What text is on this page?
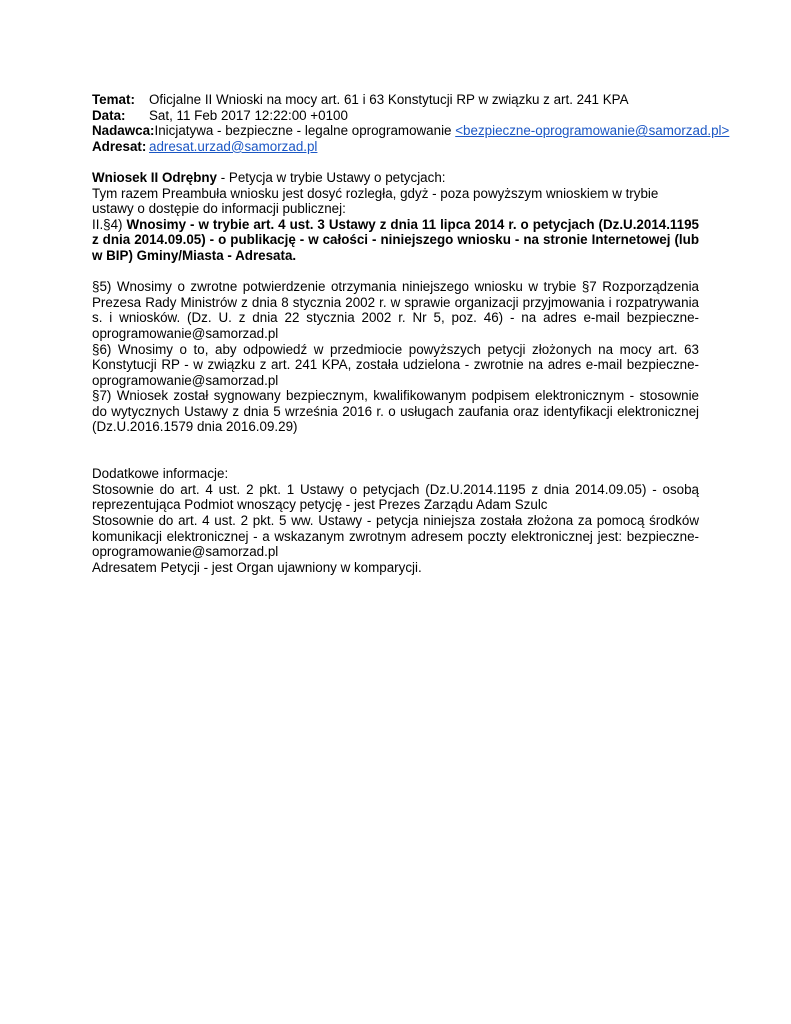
Temat:	Oficjalne II Wnioski na mocy art. 61 i 63 Konstytucji RP w związku z art. 241 KPA
Data:	Sat, 11 Feb 2017 12:22:00 +0100
Nadawca: Inicjatywa - bezpieczne - legalne oprogramowanie <bezpieczne-oprogramowanie@samorzad.pl>
Adresat: adresat.urzad@samorzad.pl

Wniosek II Odrębny - Petycja w trybie Ustawy o petycjach:

Tym razem Preambuła wniosku jest dosyć rozległa, gdyż - poza powyższym wnioskiem w trybie ustawy o dostępie do informacji publicznej:

II.§4) Wnosimy - w trybie art. 4 ust. 3 Ustawy z dnia 11 lipca 2014 r. o petycjach (Dz.U.2014.1195 z dnia 2014.09.05) - o publikację - w całości - niniejszego wniosku - na stronie Internetowej (lub w BIP) Gminy/Miasta - Adresata.

§5) Wnosimy o zwrotne potwierdzenie otrzymania niniejszego wniosku w trybie §7 Rozporządzenia Prezesa Rady Ministrów z dnia 8 stycznia 2002 r. w sprawie organizacji przyjmowania i rozpatrywania s. i wniosków. (Dz. U. z dnia 22 stycznia 2002 r. Nr 5, poz. 46) - na adres e-mail bezpieczne-oprogramowanie@samorzad.pl

§6) Wnosimy o to, aby odpowiedź w przedmiocie powyższych petycji złożonych na mocy art. 63 Konstytucji RP - w związku z art. 241 KPA, została udzielona - zwrotnie na adres e-mail bezpieczne-oprogramowanie@samorzad.pl

§7) Wniosek został sygnowany bezpiecznym, kwalifikowanym podpisem elektronicznym - stosownie do wytycznych Ustawy z dnia 5 września 2016 r. o usługach zaufania oraz identyfikacji elektronicznej (Dz.U.2016.1579 dnia 2016.09.29)

Dodatkowe informacje:

Stosownie do art. 4 ust. 2 pkt. 1 Ustawy o petycjach (Dz.U.2014.1195 z dnia 2014.09.05) - osobą reprezentująca Podmiot wnoszący petycję - jest Prezes Zarządu Adam Szulc

Stosownie do art. 4 ust. 2 pkt. 5 ww. Ustawy - petycja niniejsza została złożona za pomocą środków komunikacji elektronicznej - a wskazanym zwrotnym adresem poczty elektronicznej jest: bezpieczne-oprogramowanie@samorzad.pl

Adresatem Petycji - jest Organ ujawniony w komparycji.
